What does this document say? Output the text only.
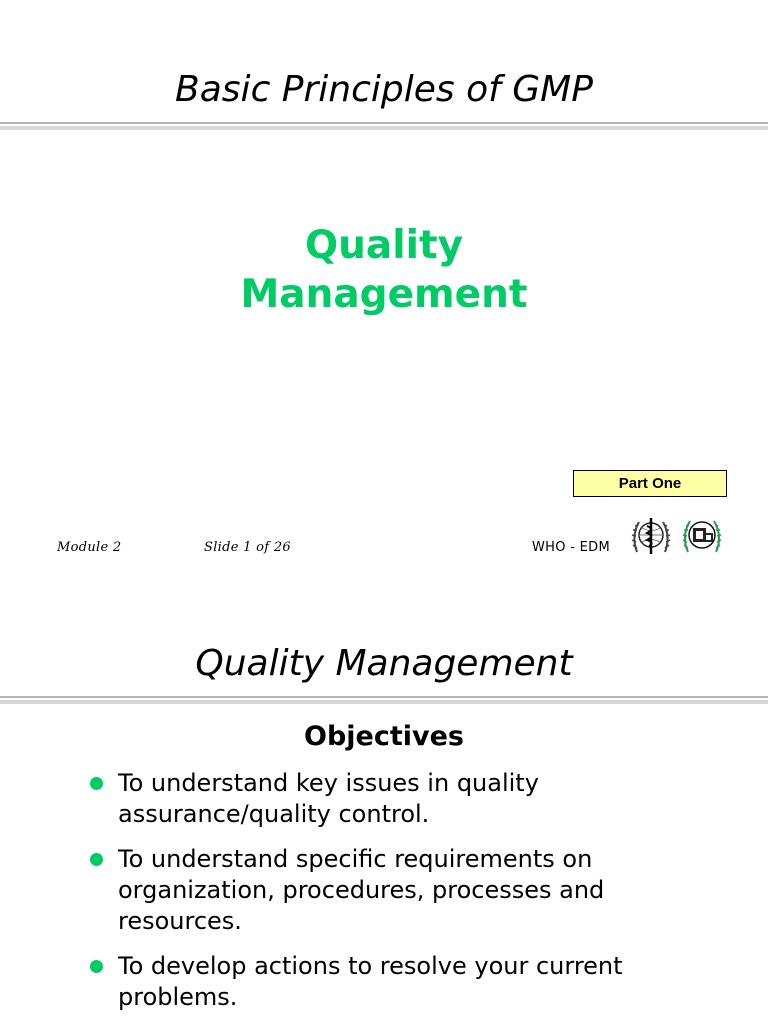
Basic Principles of GMP
Quality
Management
Part One
Module 2	Slide 1 of 26	WHO - EDM
Quality Management
Objectives
To understand key issues in quality
assurance/quality control.
To understand specific requirements on
organization, procedures, processes and
resources.
To develop actions to resolve your current
problems.
